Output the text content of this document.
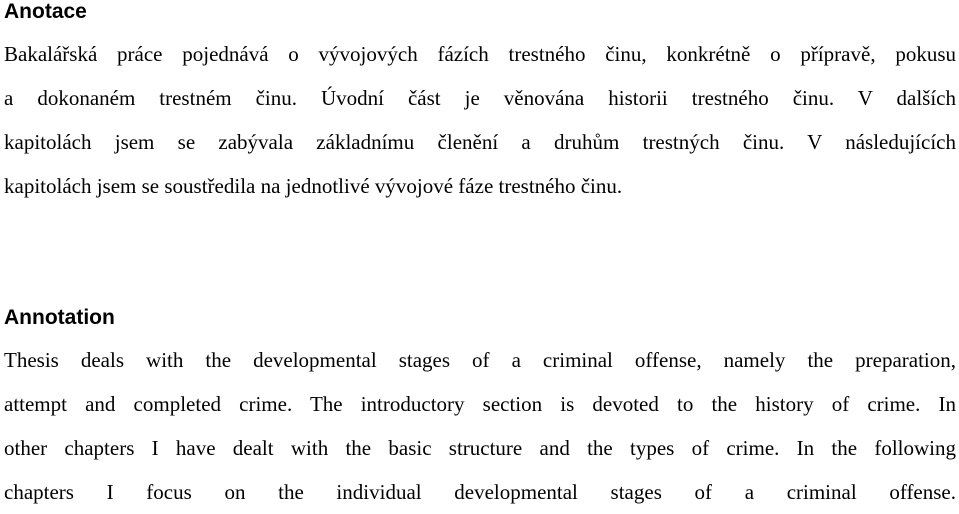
Anotace
Bakalářská práce pojednává o vývojových fázích trestného činu, konkrétně o přípravě, pokusu
a dokonaném trestném činu. Úvodní část je věnována historii trestného činu. V dalších
kapitolách jsem se zabývala základnímu členění a druhům trestných činu. V následujících
kapitolách jsem se soustředila na jednotlivé vývojové fáze trestného činu.
Annotation
Thesis deals with the developmental stages of a criminal offense, namely the preparation,
attempt and completed crime. The introductory section is devoted to the history of crime. In
other chapters I have dealt with the basic structure and the types of crime. In the following
chapters I focus on the individual developmental stages of a criminal offense.
